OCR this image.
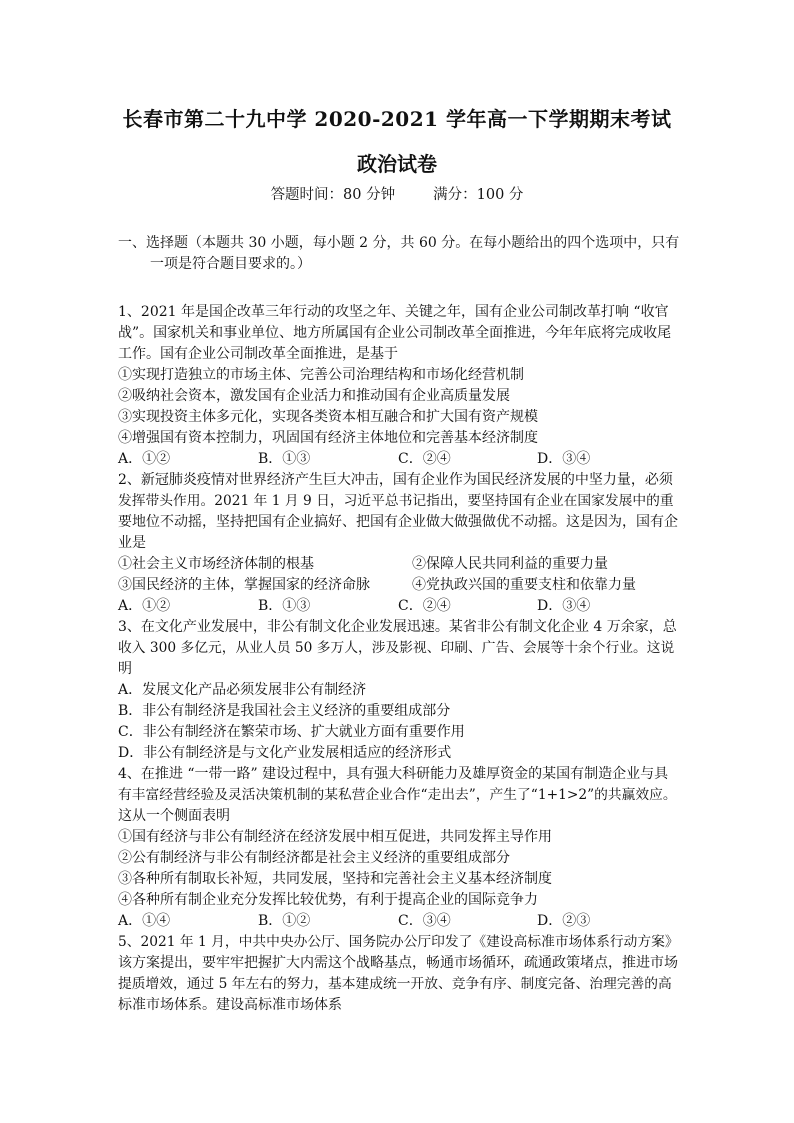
长春市第二十九中学 2020-2021 学年高一下学期期末考试
政治试卷
答题时间：80 分钟	满分：100 分
一、选择题（本题共 30 小题，每小题 2 分，共 60 分。在每小题给出的四个选项中，只有
一项是符合题目要求的。）
1、2021 年是国企改革三年行动的攻坚之年、关键之年，国有企业公司制改革打响 “收官
战”。国家机关和事业单位、地方所属国有企业公司制改革全面推进，今年年底将完成收尾
工作。国有企业公司制改革全面推进，是基于
①实现打造独立的市场主体、完善公司治理结构和市场化经营机制
②吸纳社会资本，激发国有企业活力和推动国有企业高质量发展
③实现投资主体多元化，实现各类资本相互融合和扩大国有资产规模
④增强国有资本控制力，巩固国有经济主体地位和完善基本经济制度
A．①②	B．①③	C．②④	D．③④
2、新冠肺炎疫情对世界经济产生巨大冲击，国有企业作为国民经济发展的中坚力量，必须
发挥带头作用。2021 年 1 月 9 日，习近平总书记指出，要坚持国有企业在国家发展中的重
要地位不动摇，坚持把国有企业搞好、把国有企业做大做强做优不动摇。这是因为，国有企
业是
①社会主义市场经济体制的根基	②保障人民共同利益的重要力量
③国民经济的主体，掌握国家的经济命脉	④党执政兴国的重要支柱和依靠力量
A．①②	B．①③	C．②④	D．③④
3、在文化产业发展中，非公有制文化企业发展迅速。某省非公有制文化企业 4 万余家，总
收入 300 多亿元，从业人员 50 多万人，涉及影视、印刷、广告、会展等十余个行业。这说
明
A．发展文化产品必须发展非公有制经济
B．非公有制经济是我国社会主义经济的重要组成部分
C．非公有制经济在繁荣市场、扩大就业方面有重要作用
D．非公有制经济是与文化产业发展相适应的经济形式
4、在推进 “一带一路” 建设过程中，具有强大科研能力及雄厚资金的某国有制造企业与具
有丰富经营经验及灵活决策机制的某私营企业合作“走出去”，产生了“1+1>2”的共赢效应。
这从一个侧面表明
①国有经济与非公有制经济在经济发展中相互促进，共同发挥主导作用
②公有制经济与非公有制经济都是社会主义经济的重要组成部分
③各种所有制取长补短，共同发展，坚持和完善社会主义基本经济制度
④各种所有制企业充分发挥比较优势，有利于提高企业的国际竞争力
A．①④	B．①②	C．③④	D．②③
5、2021 年 1 月，中共中央办公厅、国务院办公厅印发了《建设高标准市场体系行动方案》
该方案提出，要牢牢把握扩大内需这个战略基点，畅通市场循环，疏通政策堵点，推进市场
提质增效，通过 5 年左右的努力，基本建成统一开放、竞争有序、制度完备、治理完善的高
标准市场体系。建设高标准市场体系
